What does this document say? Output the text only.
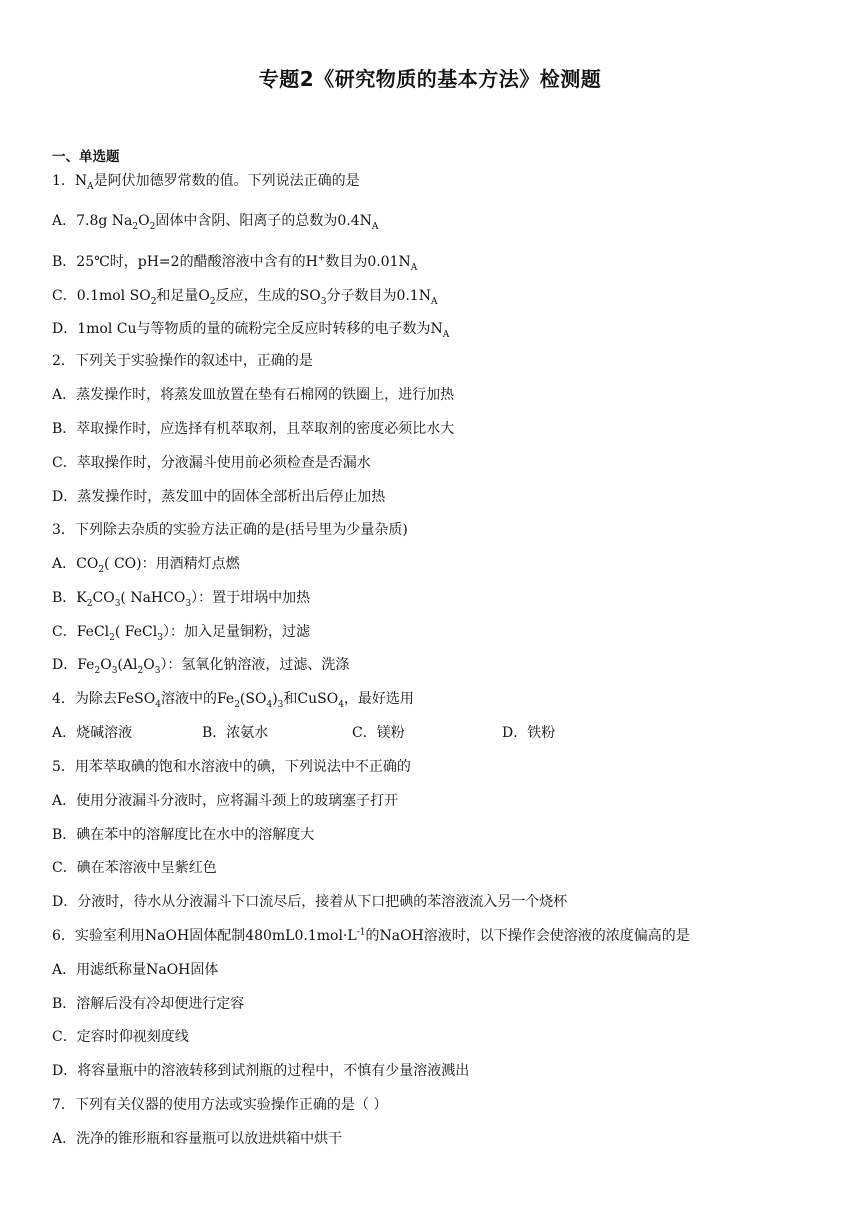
专题2《研究物质的基本方法》检测题
一、单选题
1．$N_A$是阿伏加德罗常数的值。下列说法正确的是
A．7.8g $Na_2O_2$固体中含阴、阳离子的总数为$0.4N_A$
B．25℃时，pH=2的醋酸溶液中含有的H+数目为$0.01N_A$
C．0.1mol $SO_2$和足量$O_2$反应，生成的$SO_3$分子数目为$0.1N_A$
D．1mol Cu与等物质的量的硫粉完全反应时转移的电子数为$N_A$
2．下列关于实验操作的叙述中，正确的是
A．蒸发操作时，将蒸发皿放置在垫有石棉网的铁圈上，进行加热
B．萃取操作时，应选择有机萃取剂，且萃取剂的密度必须比水大
C．萃取操作时，分液漏斗使用前必须检查是否漏水
D．蒸发操作时，蒸发皿中的固体全部析出后停止加热
3．下列除去杂质的实验方法正确的是(括号里为少量杂质)
A．$CO_2$( CO)：用酒精灯点燃
B．$K_2CO_3$( NaHCO$_3$）：置于坩埚中加热
C．FeCl$_2$( FeCl$_3$）：加入足量铜粉，过滤
D．$Fe_2O_3(Al_2O_3)$：氢氧化钠溶液，过滤、洗涤
4．为除去FeSO$_4$溶液中的$Fe_2(SO_4)_3$和CuSO$_4$，最好选用
5．用苯萃取碘的饱和水溶液中的碘，下列说法中不正确的
A．使用分液漏斗分液时，应将漏斗颈上的玻璃塞子打开
B．碘在苯中的溶解度比在水中的溶解度大
C．碘在苯溶液中呈紫红色
D．分液时，待水从分液漏斗下口流尽后，接着从下口把碘的苯溶液流入另一个烧杯
6．实验室利用NaOH固体配制$480mL0.1mol\cdot L^{-1}$的NaOH溶液时，以下操作会使溶液的浓度偏高的是
A．用滤纸称量NaOH固体
B．溶解后没有冷却便进行定容
C．定容时仰视刻度线
D．将容量瓶中的溶液转移到试剂瓶的过程中，不慎有少量溶液溅出
7．下列有关仪器的使用方法或实验操作正确的是（ ）
A．洗净的锥形瓶和容量瓶可以放进烘箱中烘干
A．烧碱溶液	B．浓氨水	C．镁粉	D．铁粉
